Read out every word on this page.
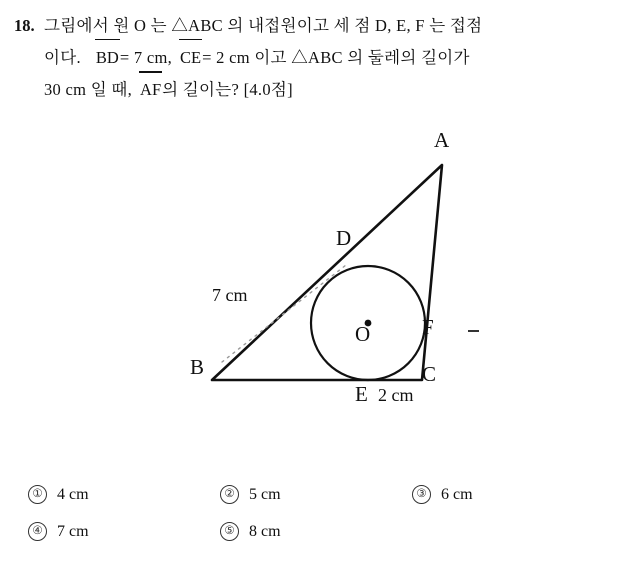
18. 그림에서 원 O 는 △ABC 의 내접원이고 세 점 D, E, F 는 접점
이다. BD = 7 cm, CE = 2 cm 이고 △ABC 의 둘레의 길이가
30 cm 일 때, AF 의 길이는? [4.0점]
A
B	C
D
E
F
O
7 cm
2 cm
① 4 cm	② 5 cm	③ 6 cm
④ 7 cm	⑤ 8 cm
